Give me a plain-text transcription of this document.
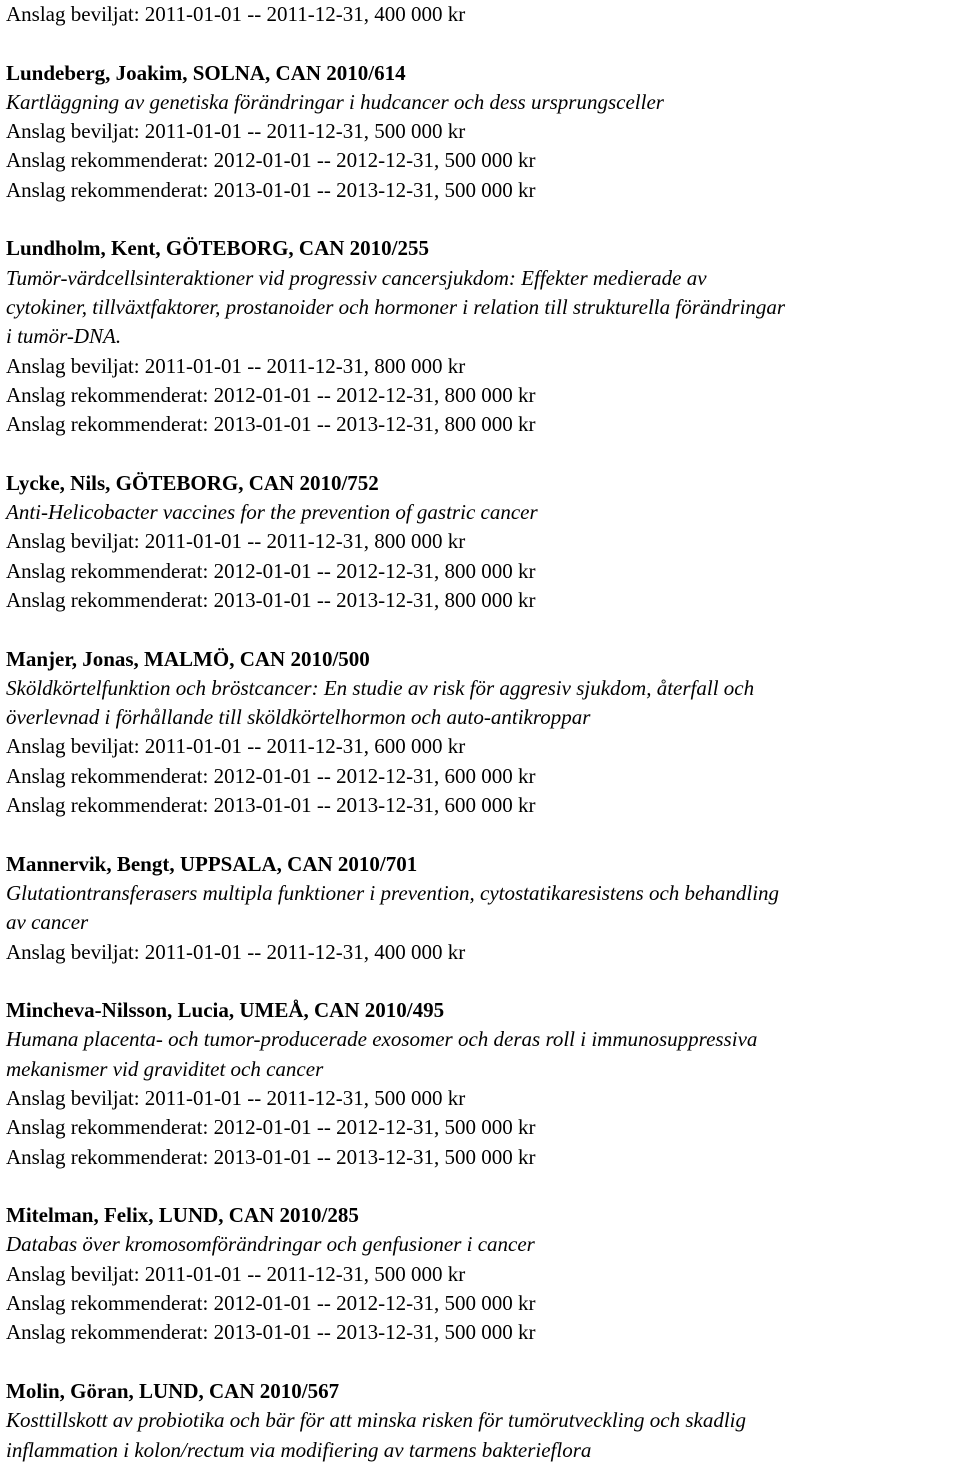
Anslag beviljat: 2011-01-01 -- 2011-12-31, 400 000 kr
Lundeberg, Joakim, SOLNA, CAN 2010/614
Kartläggning av genetiska förändringar i hudcancer och dess ursprungsceller
Anslag beviljat: 2011-01-01 -- 2011-12-31, 500 000 kr
Anslag rekommenderat: 2012-01-01 -- 2012-12-31, 500 000 kr
Anslag rekommenderat: 2013-01-01 -- 2013-12-31, 500 000 kr
Lundholm, Kent, GÖTEBORG, CAN 2010/255
Tumör-värdcellsinteraktioner vid progressiv cancersjukdom: Effekter medierade av
cytokiner, tillväxtfaktorer, prostanoider och hormoner i relation till strukturella förändringar
i tumör-DNA.
Anslag beviljat: 2011-01-01 -- 2011-12-31, 800 000 kr
Anslag rekommenderat: 2012-01-01 -- 2012-12-31, 800 000 kr
Anslag rekommenderat: 2013-01-01 -- 2013-12-31, 800 000 kr
Lycke, Nils, GÖTEBORG, CAN 2010/752
Anti-Helicobacter vaccines for the prevention of gastric cancer
Anslag beviljat: 2011-01-01 -- 2011-12-31, 800 000 kr
Anslag rekommenderat: 2012-01-01 -- 2012-12-31, 800 000 kr
Anslag rekommenderat: 2013-01-01 -- 2013-12-31, 800 000 kr
Manjer, Jonas, MALMÖ, CAN 2010/500
Sköldkörtelfunktion och bröstcancer: En studie av risk för aggresiv sjukdom, återfall och
överlevnad i förhållande till sköldkörtelhormon och auto-antikroppar
Anslag beviljat: 2011-01-01 -- 2011-12-31, 600 000 kr
Anslag rekommenderat: 2012-01-01 -- 2012-12-31, 600 000 kr
Anslag rekommenderat: 2013-01-01 -- 2013-12-31, 600 000 kr
Mannervik, Bengt, UPPSALA, CAN 2010/701
Glutationtransferasers multipla funktioner i prevention, cytostatikaresistens och behandling
av cancer
Anslag beviljat: 2011-01-01 -- 2011-12-31, 400 000 kr
Mincheva-Nilsson, Lucia, UMEÅ, CAN 2010/495
Humana placenta- och tumor-producerade exosomer och deras roll i immunosuppressiva
mekanismer vid graviditet och cancer
Anslag beviljat: 2011-01-01 -- 2011-12-31, 500 000 kr
Anslag rekommenderat: 2012-01-01 -- 2012-12-31, 500 000 kr
Anslag rekommenderat: 2013-01-01 -- 2013-12-31, 500 000 kr
Mitelman, Felix, LUND, CAN 2010/285
Databas över kromosomförändringar och genfusioner i cancer
Anslag beviljat: 2011-01-01 -- 2011-12-31, 500 000 kr
Anslag rekommenderat: 2012-01-01 -- 2012-12-31, 500 000 kr
Anslag rekommenderat: 2013-01-01 -- 2013-12-31, 500 000 kr
Molin, Göran, LUND, CAN 2010/567
Kosttillskott av probiotika och bär för att minska risken för tumörutveckling och skadlig
inflammation i kolon/rectum via modifiering av tarmens bakterieflora
